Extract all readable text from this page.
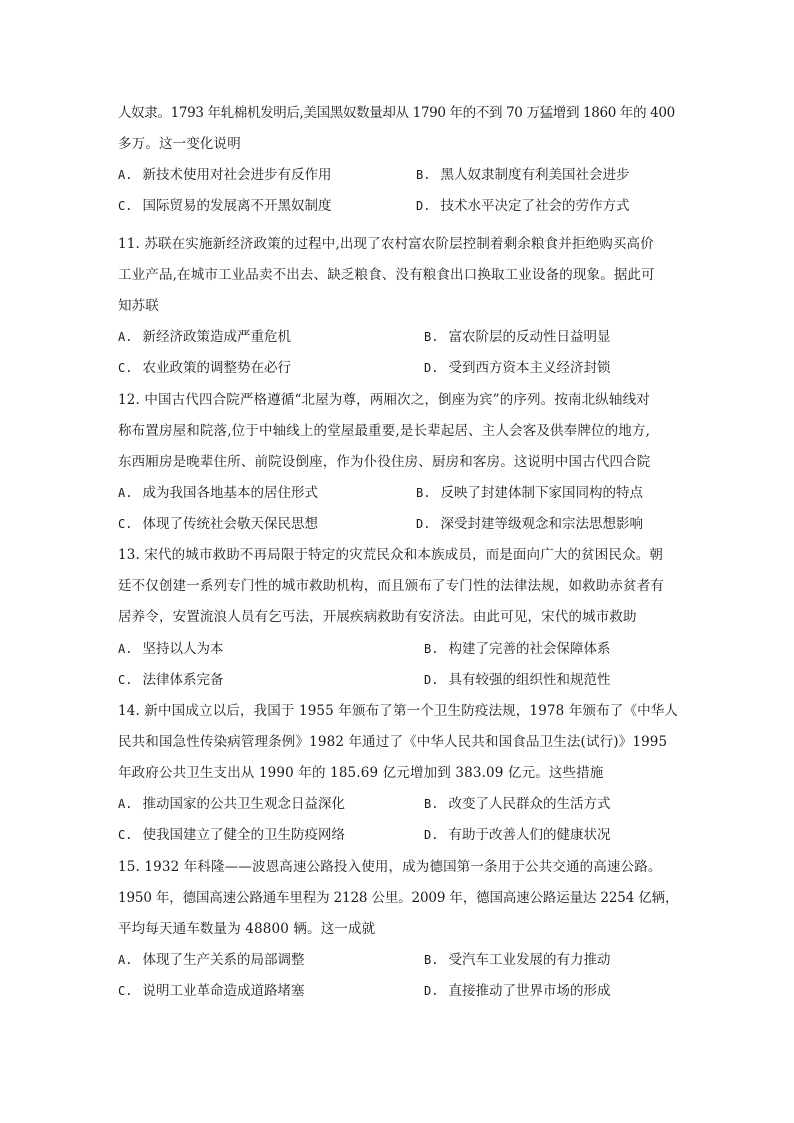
人奴隶。1793 年轧棉机发明后,美国黑奴数量却从 1790 年的不到 70 万猛增到 1860 年的 400
多万。这一变化说明
A. 新技术使用对社会进步有反作用	B. 黑人奴隶制度有利美国社会进步
C. 国际贸易的发展离不开黑奴制度	D. 技术水平决定了社会的劳作方式
11. 苏联在实施新经济政策的过程中,出现了农村富农阶层控制着剩余粮食并拒绝购买高价
工业产品,在城市工业品卖不出去、缺乏粮食、没有粮食出口换取工业设备的现象。据此可
知苏联
A. 新经济政策造成严重危机	B. 富农阶层的反动性日益明显
C. 农业政策的调整势在必行	D. 受到西方资本主义经济封锁
12. 中国古代四合院严格遵循“北屋为尊，两厢次之，倒座为宾”的序列。按南北纵轴线对
称布置房屋和院落,位于中轴线上的堂屋最重要,是长辈起居、主人会客及供奉牌位的地方,
东西厢房是晚辈住所、前院设倒座，作为仆役住房、厨房和客房。这说明中国古代四合院
A. 成为我国各地基本的居住形式	B. 反映了封建体制下家国同构的特点
C. 体现了传统社会敬天保民思想	D. 深受封建等级观念和宗法思想影响
13. 宋代的城市救助不再局限于特定的灾荒民众和本族成员，而是面向广大的贫困民众。朝
廷不仅创建一系列专门性的城市救助机构，而且颁布了专门性的法律法规，如救助赤贫者有
居养令，安置流浪人员有乞丐法，开展疾病救助有安济法。由此可见，宋代的城市救助
A. 坚持以人为本	B. 构建了完善的社会保障体系
C. 法律体系完备	D. 具有较强的组织性和规范性
14. 新中国成立以后，我国于 1955 年颁布了第一个卫生防疫法规，1978 年颁布了《中华人
民共和国急性传染病管理条例》1982 年通过了《中华人民共和国食品卫生法(试行)》1995
年政府公共卫生支出从 1990 年的 185.69 亿元增加到 383.09 亿元。这些措施
A. 推动国家的公共卫生观念日益深化	B. 改变了人民群众的生活方式
C. 使我国建立了健全的卫生防疫网络	D. 有助于改善人们的健康状况
15. 1932 年科隆——波恩高速公路投入使用，成为德国第一条用于公共交通的高速公路。
1950 年，德国高速公路通车里程为 2128 公里。2009 年，德国高速公路运量达 2254 亿辆，
平均每天通车数量为 48800 辆。这一成就
A. 体现了生产关系的局部调整	B. 受汽车工业发展的有力推动
C. 说明工业革命造成道路堵塞	D. 直接推动了世界市场的形成
